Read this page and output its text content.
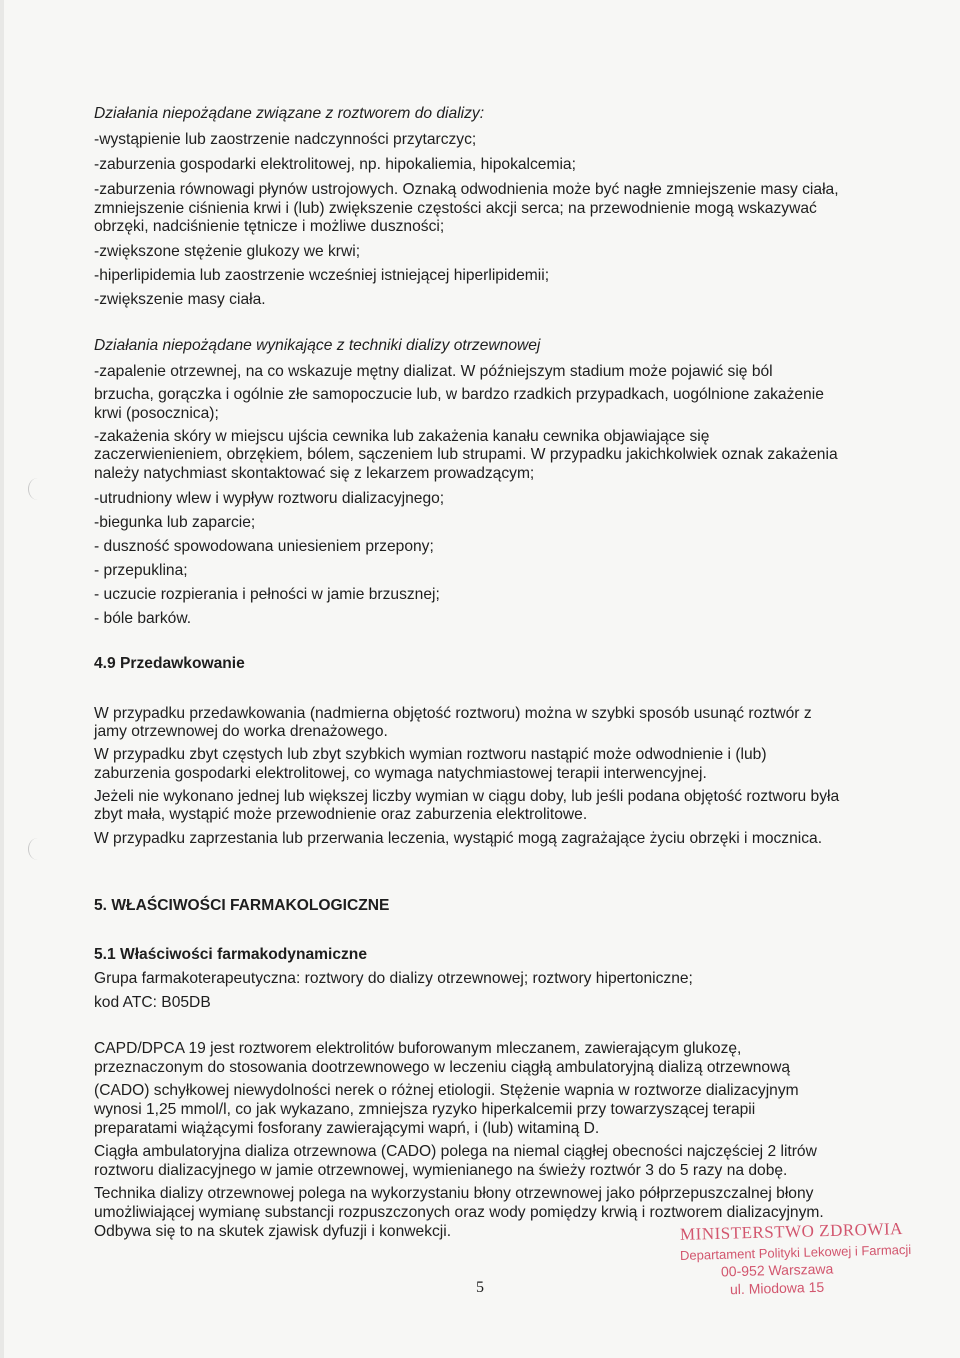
Działania niepożądane związane z roztworem do dializy:
-wystąpienie lub zaostrzenie nadczynności przytarczyc;
-zaburzenia gospodarki elektrolitowej, np. hipokaliemia, hipokalcemia;
-zaburzenia równowagi płynów ustrojowych. Oznaką odwodnienia może być nagłe zmniejszenie masy ciała,
zmniejszenie ciśnienia krwi i (lub) zwiększenie częstości akcji serca; na przewodnienie mogą wskazywać
obrzęki, nadciśnienie tętnicze i możliwe duszności;
-zwiększone stężenie glukozy we krwi;
-hiperlipidemia lub zaostrzenie wcześniej istniejącej hiperlipidemii;
-zwiększenie masy ciała.
Działania niepożądane wynikające z techniki dializy otrzewnowej
-zapalenie otrzewnej, na co wskazuje mętny dializat. W późniejszym stadium może pojawić się ból
brzucha, gorączka i ogólnie złe samopoczucie lub, w bardzo rzadkich przypadkach, uogólnione zakażenie
krwi (posocznica);
-zakażenia skóry w miejscu ujścia cewnika lub zakażenia kanału cewnika objawiające się
zaczerwienieniem, obrzękiem, bólem, sączeniem lub strupami. W przypadku jakichkolwiek oznak zakażenia
należy natychmiast skontaktować się z lekarzem prowadzącym;
-utrudniony wlew i wypływ roztworu dializacyjnego;
-biegunka lub zaparcie;
- duszność spowodowana uniesieniem przepony;
- przepuklina;
- uczucie rozpierania i pełności w jamie brzusznej;
- bóle barków.
4.9 Przedawkowanie
W przypadku przedawkowania (nadmierna objętość roztworu) można w szybki sposób usunąć roztwór z
jamy otrzewnowej do worka drenażowego.
W przypadku zbyt częstych lub zbyt szybkich wymian roztworu nastąpić może odwodnienie i (lub)
zaburzenia gospodarki elektrolitowej, co wymaga natychmiastowej terapii interwencyjnej.
Jeżeli nie wykonano jednej lub większej liczby wymian w ciągu doby, lub jeśli podana objętość roztworu była
zbyt mała, wystąpić może przewodnienie oraz zaburzenia elektrolitowe.
W przypadku zaprzestania lub przerwania leczenia, wystąpić mogą zagrażające życiu obrzęki i mocznica.
5. WŁAŚCIWOŚCI FARMAKOLOGICZNE
5.1 Właściwości farmakodynamiczne
Grupa farmakoterapeutyczna: roztwory do dializy otrzewnowej; roztwory hipertoniczne;
kod ATC: B05DB
CAPD/DPCA 19 jest roztworem elektrolitów buforowanym mleczanem, zawierającym glukozę,
przeznaczonym do stosowania dootrzewnowego w leczeniu ciągłą ambulatoryjną dializą otrzewnową
(CADO) schyłkowej niewydolności nerek o różnej etiologii. Stężenie wapnia w roztworze dializacyjnym
wynosi 1,25 mmol/l, co jak wykazano, zmniejsza ryzyko hiperkalcemii przy towarzyszącej terapii
preparatami wiążącymi fosforany zawierającymi wapń, i (lub) witaminą D.
Ciągła ambulatoryjna dializa otrzewnowa (CADO) polega na niemal ciągłej obecności najczęściej 2 litrów
roztworu dializacyjnego w jamie otrzewnowej, wymienianego na świeży roztwór 3 do 5 razy na dobę.
Technika dializy otrzewnowej polega na wykorzystaniu błony otrzewnowej jako półprzepuszczalnej błony
umożliwiającej wymianę substancji rozpuszczonych oraz wody pomiędzy krwią i roztworem dializacyjnym.
Odbywa się to na skutek zjawisk dyfuzji i konwekcji.
5
MINISTERSTWO ZDROWIA
Departament Polityki Lekowej i Farmacji
00-952 Warszawa
ul. Miodowa 15
